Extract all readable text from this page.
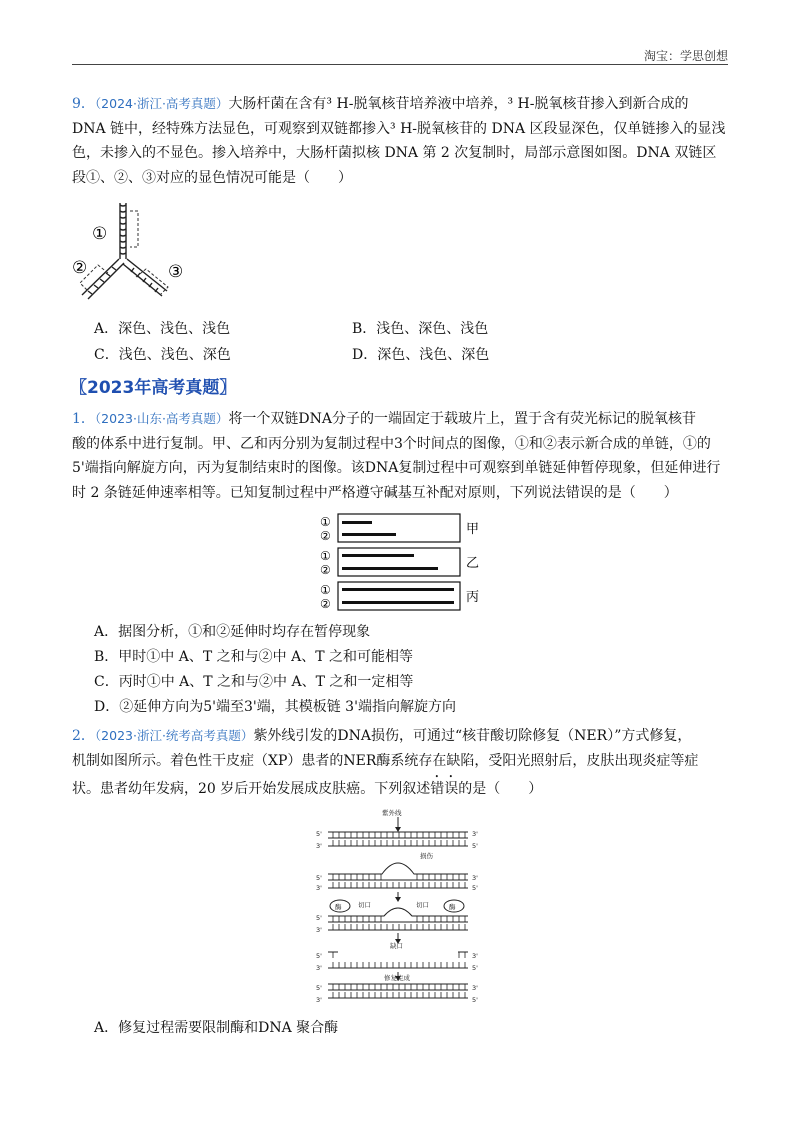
淘宝：学思创想
9．（2024·浙江·高考真题）大肠杆菌在含有³ H-脱氧核苷培养液中培养，³ H-脱氧核苷掺入到新合成的
DNA 链中，经特殊方法显色，可观察到双链都掺入³ H-脱氧核苷的 DNA 区段显深色，仅单链掺入的显浅
色，未掺入的不显色。掺入培养中，大肠杆菌拟核 DNA 第 2 次复制时，局部示意图如图。DNA 双链区
段①、②、③对应的显色情况可能是（　　）
①
②	③
A．深色、浅色、浅色	B．浅色、深色、浅色
C．浅色、浅色、深色	D．深色、浅色、深色
〖2023年高考真题〗
1．（2023·山东·高考真题）将一个双链DNA分子的一端固定于载玻片上，置于含有荧光标记的脱氧核苷
酸的体系中进行复制。甲、乙和丙分别为复制过程中3个时间点的图像，①和②表示新合成的单链，①的
5'端指向解旋方向，丙为复制结束时的图像。该DNA复制过程中可观察到单链延伸暂停现象，但延伸进行
时 2 条链延伸速率相等。已知复制过程中严格遵守碱基互补配对原则，下列说法错误的是（　　）
①
②	甲
①
②	乙
①
②	丙
A．据图分析，①和②延伸时均存在暂停现象
B．甲时①中 A、T 之和与②中 A、T 之和可能相等
C．丙时①中 A、T 之和与②中 A、T 之和一定相等
D．②延伸方向为5'端至3'端，其模板链 3'端指向解旋方向
2．（2023·浙江·统考高考真题）紫外线引发的DNA损伤，可通过“核苷酸切除修复（NER）”方式修复，
机制如图所示。着色性干皮症（XP）患者的NER酶系统存在缺陷，受阳光照射后，皮肤出现炎症等症
状。患者幼年发病，20 岁后开始发展成皮肤癌。下列叙述错误的是（　　）
紫外线
5'	3'
3'	5'
损伤
5'	3'
3'	5'
酶	酶
切口	切口
5'
3'
缺口
5'	3'
3'	5'
修复完成
5'	3'
3'	5'
A．修复过程需要限制酶和DNA 聚合酶
